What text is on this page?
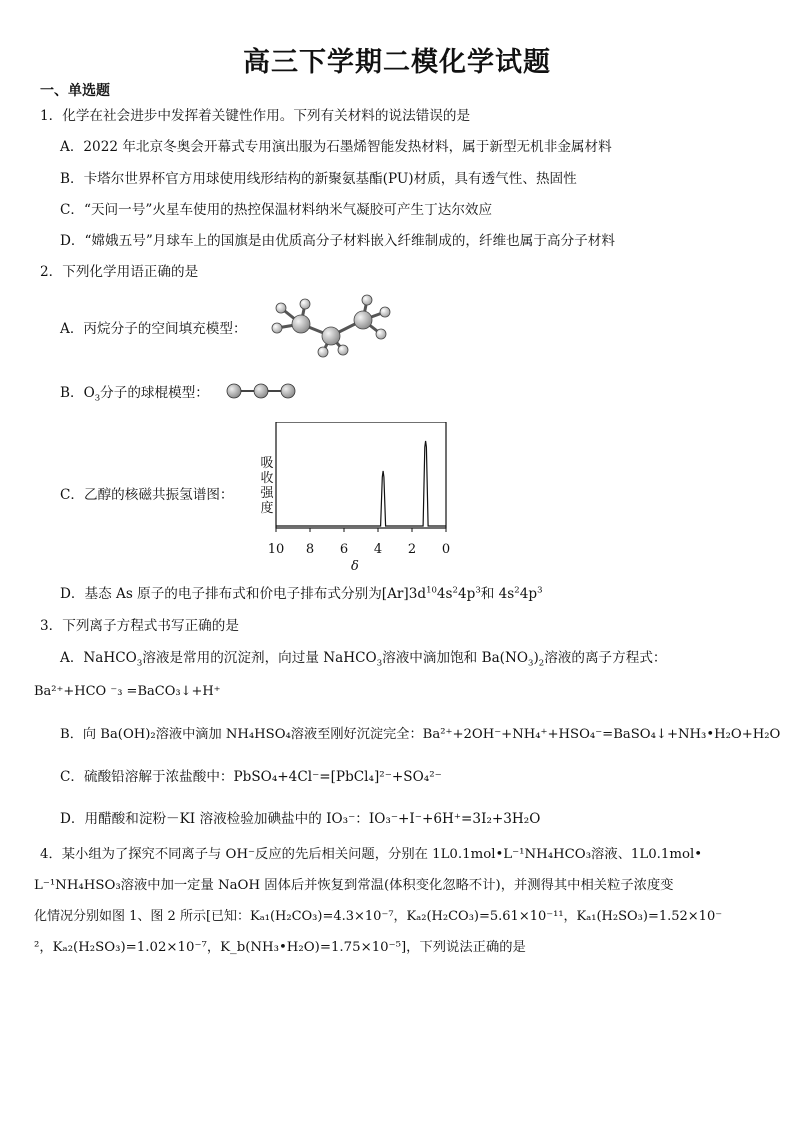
高三下学期二模化学试题
一、单选题
1．化学在社会进步中发挥着关键性作用。下列有关材料的说法错误的是
A．2022 年北京冬奥会开幕式专用演出服为石墨烯智能发热材料，属于新型无机非金属材料
B．卡塔尔世界杯官方用球使用线形结构的新聚氨基酯(PU)材质，具有透气性、热固性
C．“天问一号”火星车使用的热控保温材料纳米气凝胶可产生丁达尔效应
D．“嫦娥五号”月球车上的国旗是由优质高分子材料嵌入纤维制成的，纤维也属于高分子材料
2．下列化学用语正确的是
A．丙烷分子的空间填充模型：
B．$O_3$分子的球棍模型：
C．乙醇的核磁共振氢谱图：
吸收强度
10	8	6	4	2	0
δ
D．基态 As 原子的电子排布式和价电子排布式分别为$[Ar]3d^{10}4s^24p^3$和 $4s^24p^3$
3．下列离子方程式书写正确的是
A．NaHCO$_3$溶液是常用的沉淀剂，向过量 NaHCO$_3$溶液中滴加饱和 $Ba(NO_3)_2$溶液的离子方程式：
Ba²⁺+HCO ⁻₃ =BaCO₃↓+H⁺
B．向 Ba(OH)₂溶液中滴加 NH₄HSO₄溶液至刚好沉淀完全：Ba²⁺+2OH⁻+NH₄⁺+HSO₄⁻=BaSO₄↓+NH₃•H₂O+H₂O
C．硫酸铅溶解于浓盐酸中：PbSO₄+4Cl⁻=[PbCl₄]²⁻+SO₄²⁻
D．用醋酸和淀粉－KI 溶液检验加碘盐中的 IO₃⁻：IO₃⁻+I⁻+6H⁺=3I₂+3H₂O
4．某小组为了探究不同离子与 OH⁻反应的先后相关问题，分别在 1L0.1mol•L⁻¹NH₄HCO₃溶液、1L0.1mol•
L⁻¹NH₄HSO₃溶液中加一定量 NaOH 固体后并恢复到常温(体积变化忽略不计)，并测得其中相关粒子浓度变
化情况分别如图 1、图 2 所示[已知：Kₐ₁(H₂CO₃)=4.3×10⁻⁷，Kₐ₂(H₂CO₃)=5.61×10⁻¹¹，Kₐ₁(H₂SO₃)=1.52×10⁻
²，Kₐ₂(H₂SO₃)=1.02×10⁻⁷，K_b(NH₃•H₂O)=1.75×10⁻⁵]，下列说法正确的是
